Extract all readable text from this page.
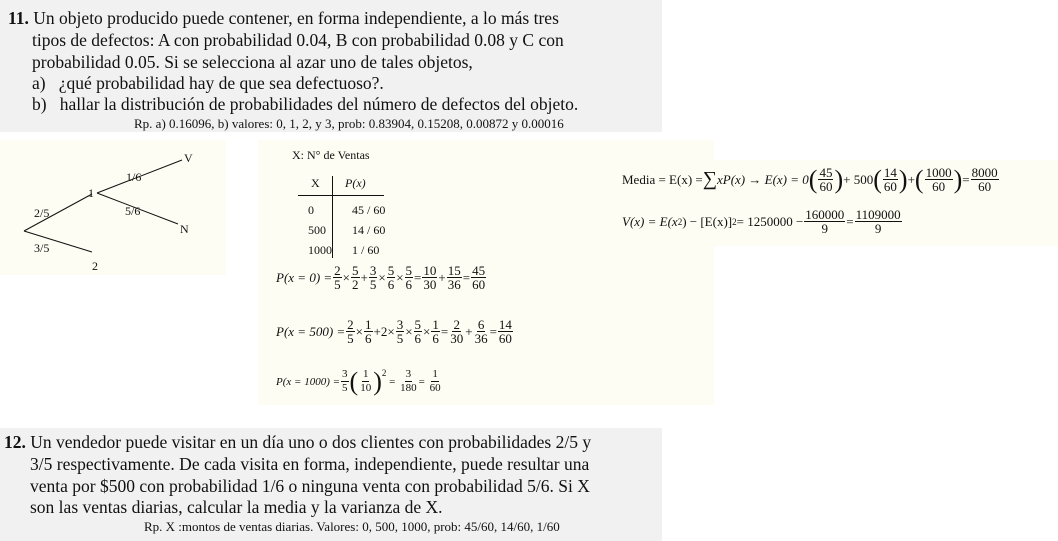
11. Un objeto producido puede contener, en forma independiente, a lo más tres
tipos de defectos: A con probabilidad 0.04, B con probabilidad 0.08 y C con
probabilidad 0.05. Si se selecciona al azar uno de tales objetos,
a) ¿qué probabilidad hay de que sea defectuoso?.
b) hallar la distribución de probabilidades del número de defectos del objeto.
Rp. a) 0.16096, b) valores: 0, 1, 2, y 3, prob: 0.83904, 0.15208, 0.00872 y 0.00016
1
2
V
N
1/6
5/6
2/5
3/5
X: N° de Ventas
X P(x)
0	45 / 60
500 14 / 60
1000 1 / 60
$P(x = 0) = \frac{2}{5} \times \frac{5}{2} + \frac{3}{5} \times \frac{5}{6} \times \frac{5}{6} = \frac{10}{30} + \frac{15}{36} = \frac{45}{60}$
$P(x = 500) = \frac{2}{5} \times \frac{1}{6} + 2\times \frac{3}{5} \times \frac{5}{6} \times \frac{1}{6} = \frac{2}{30} + \frac{6}{36} = \frac{14}{60}$
$P(x = 1000) = \frac{3}{5}$ ( $\frac{1}{10} )^2$
= $\frac{3}{180} = \frac{1}{60}$
Media = E(x) = ∑ xP(x) → E(x) = 0 ( $\frac{45}{60}$ ) + 500 ( $\frac{14}{60}$ ) + ( $\frac{1000}{60}$ ) = $\frac{8000}{60}$
V(x) = E(x 2 ) − [E(x)] $2 = 1250000 - \frac{160000}{9} = \frac{1109000}{9}$
12. Un vendedor puede visitar en un día uno o dos clientes con probabilidades 2/5 y
3/5 respectivamente. De cada visita en forma, independiente, puede resultar una
venta por $500 con probabilidad 1/6 o ninguna venta con probabilidad 5/6. Si X
son las ventas diarias, calcular la media y la varianza de X.
Rp. X :montos de ventas diarias. Valores: 0, 500, 1000, prob: 45/60, 14/60, 1/60
